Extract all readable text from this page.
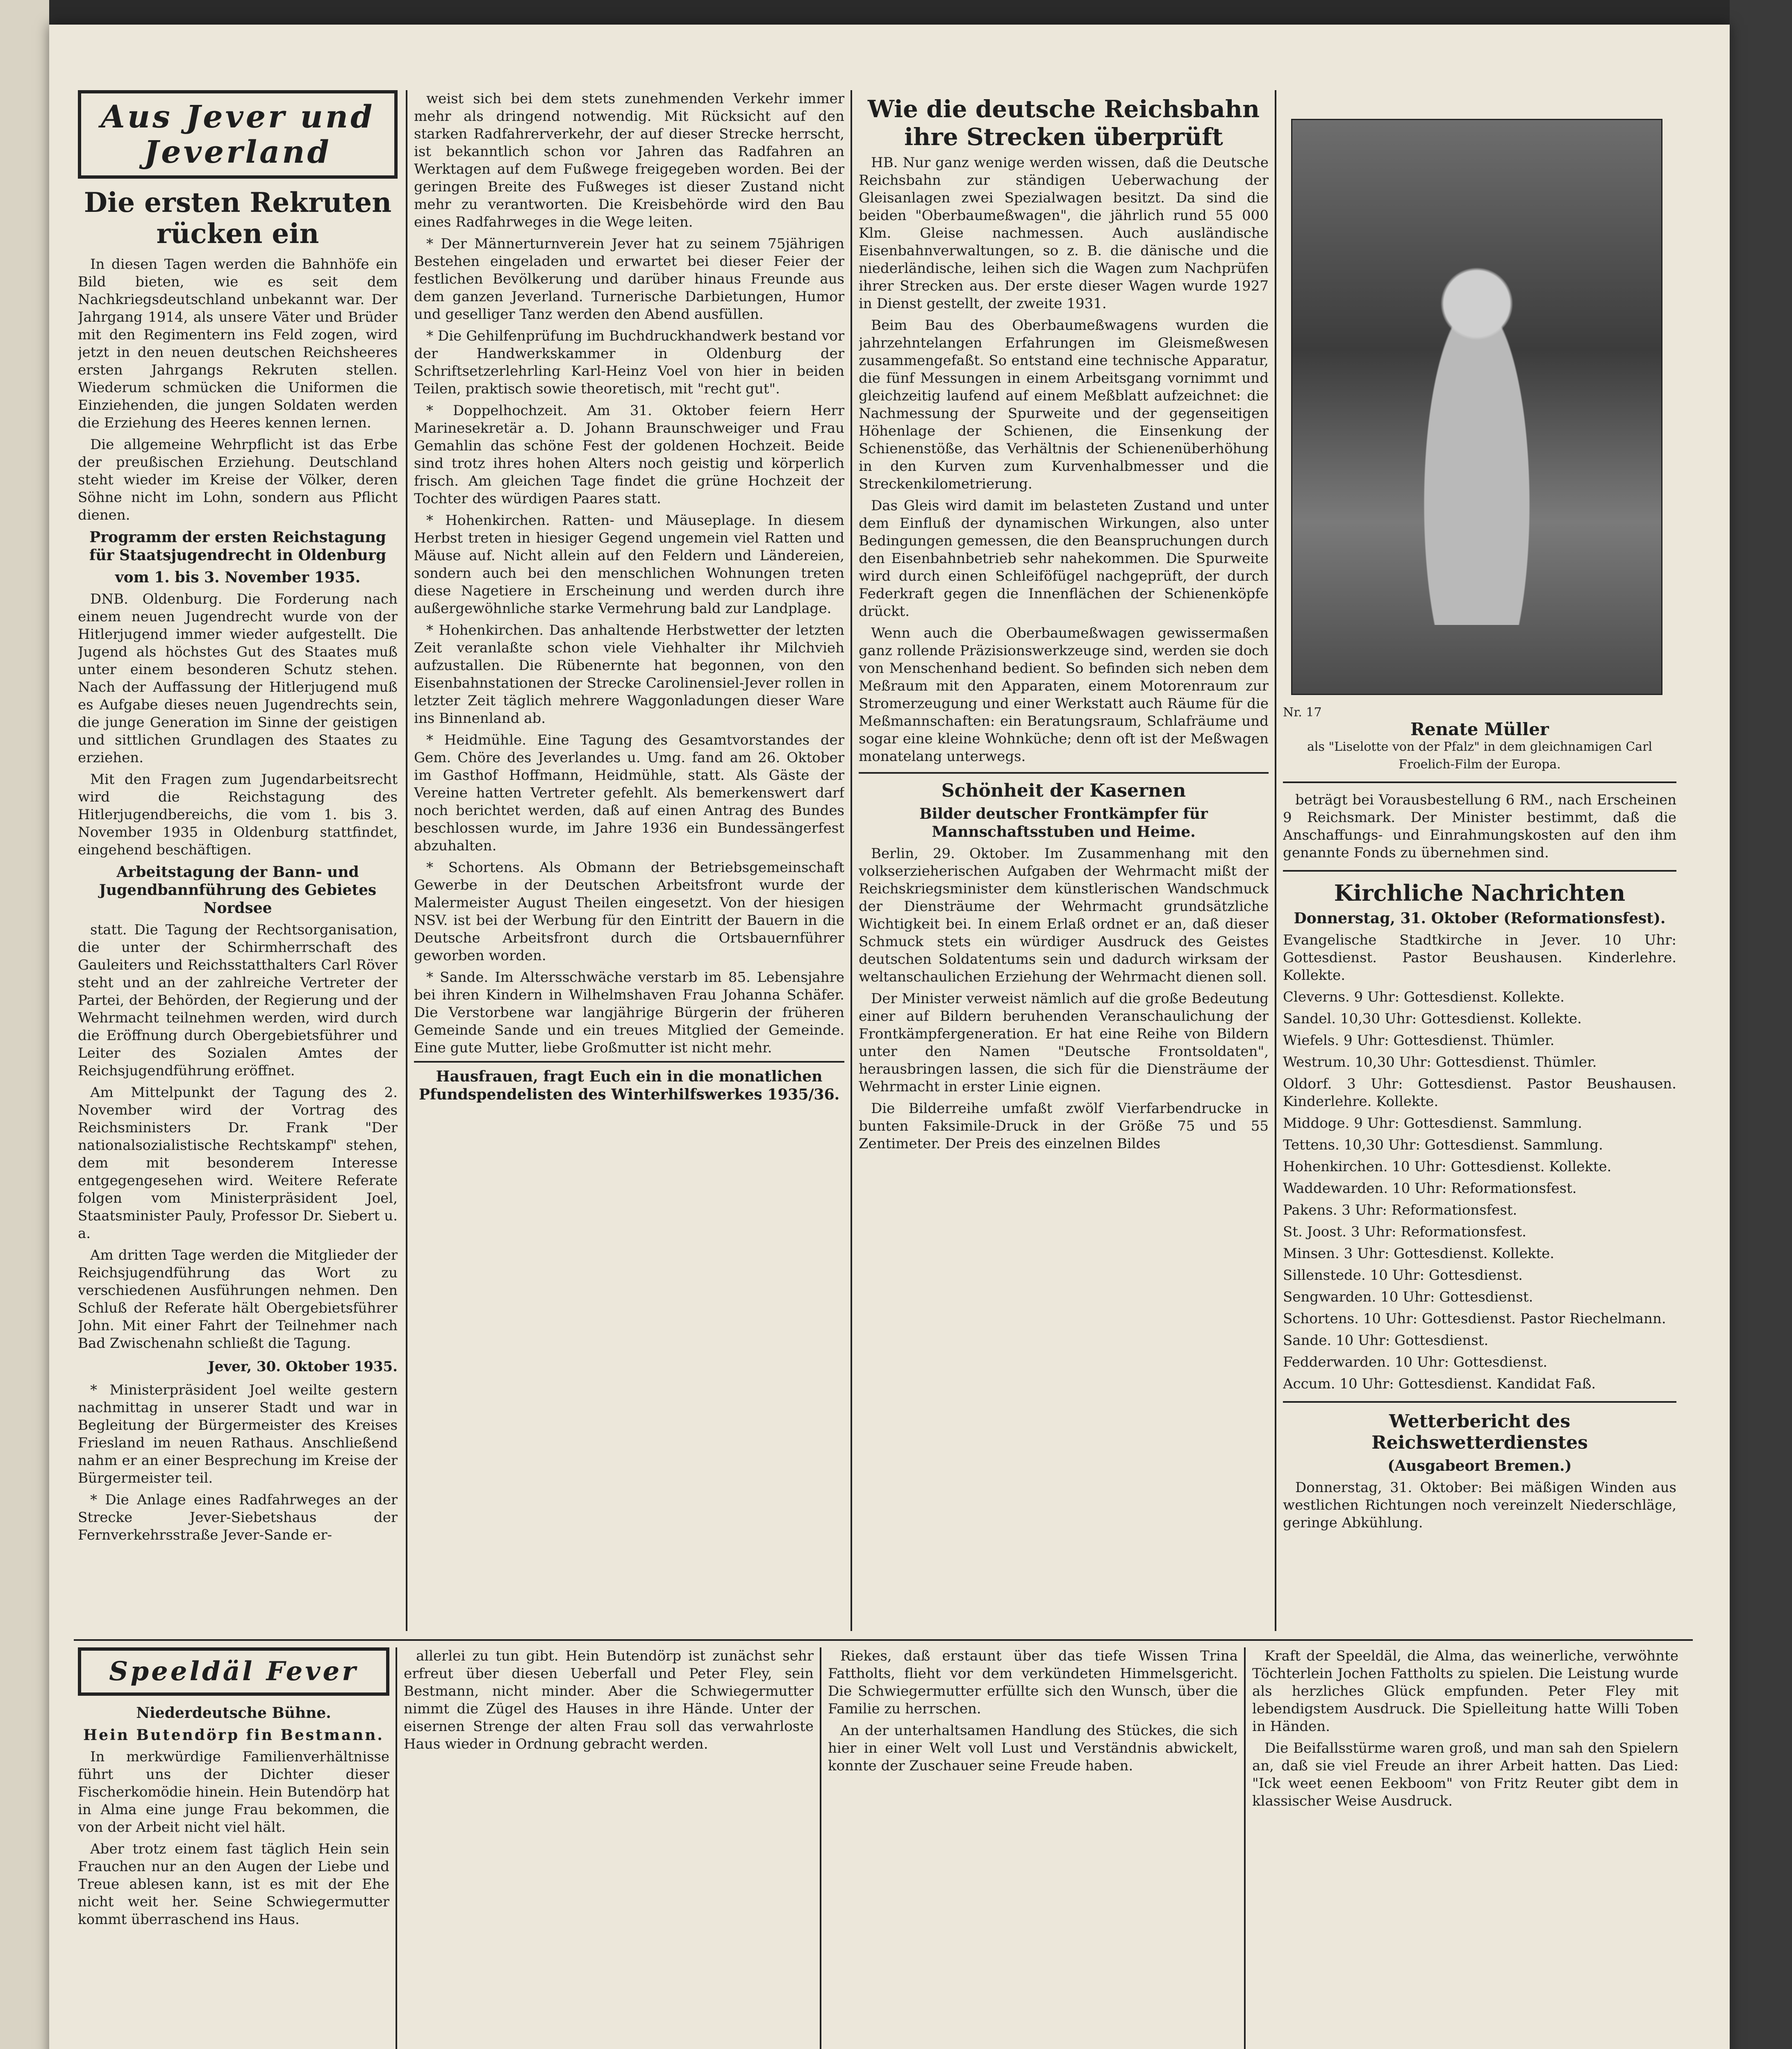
Aus Jever und Jeverland
Die ersten Rekruten rücken ein

In diesen Tagen werden die Bahnhöfe ein Bild bieten, wie es seit dem Nachkriegsdeutschland unbekannt war. Der Jahrgang 1914, als unsere Väter und Brüder mit den Regimentern ins Feld zogen, wird jetzt in den neuen deutschen Reichsheeres ersten Jahrgangs Rekruten stellen. Wiederum schmücken die Uniformen die Einziehenden, die jungen Soldaten werden die Erziehung des Heeres kennen lernen.

Die allgemeine Wehrpflicht ist das Erbe der preußischen Erziehung. Deutschland steht wieder im Kreise der Völker, deren Söhne nicht im Lohn, sondern aus Pflicht dienen.

Programm der ersten Reichstagung für Staatsjugendrecht in Oldenburg
vom 1. bis 3. November 1935.

DNB. Oldenburg. Die Forderung nach einem neuen Jugendrecht wurde von der Hitlerjugend immer wieder aufgestellt. Die Jugend als höchstes Gut des Staates muß unter einem besonderen Schutz stehen. Nach der Auffassung der Hitlerjugend muß es Aufgabe dieses neuen Jugendrechts sein, die junge Generation im Sinne der geistigen und sittlichen Grundlagen des Staates zu erziehen.

Mit den Fragen zum Jugendarbeitsrecht wird die Reichstagung des Hitlerjugendbereichs, die vom 1. bis 3. November 1935 in Oldenburg stattfindet, eingehend beschäftigen.

Arbeitstagung der Bann- und Jugendbannführung des Gebietes Nordsee

statt. Die Tagung der Rechtsorganisation, die unter der Schirmherrschaft des Gauleiters und Reichsstatthalters Carl Röver steht und an der zahlreiche Vertreter der Partei, der Behörden, der Regierung und der Wehrmacht teilnehmen werden, wird durch die Eröffnung durch Obergebietsführer und Leiter des Sozialen Amtes der Reichsjugendführung eröffnet.

Am Mittelpunkt der Tagung des 2. November wird der Vortrag des Reichsministers Dr. Frank "Der nationalsozialistische Rechtskampf" stehen, dem mit besonderem Interesse entgegengesehen wird. Weitere Referate folgen vom Ministerpräsident Joel, Staatsminister Pauly, Professor Dr. Siebert u. a.

Am dritten Tage werden die Mitglieder der Reichsjugendführung das Wort zu verschiedenen Ausführungen nehmen. Den Schluß der Referate hält Obergebietsführer John. Mit einer Fahrt der Teilnehmer nach Bad Zwischenahn schließt die Tagung.

Jever, 30. Oktober 1935.

* Ministerpräsident Joel weilte gestern nachmittag in unserer Stadt und war in Begleitung der Bürgermeister des Kreises Friesland im neuen Rathaus. Anschließend nahm er an einer Besprechung im Kreise der Bürgermeister teil.

* Die Anlage eines Radfahrweges an der Strecke Jever-Siebetshaus der Fernverkehrsstraße Jever-Sande er-

weist sich bei dem stets zunehmenden Verkehr immer mehr als dringend notwendig. Mit Rücksicht auf den starken Radfahrerverkehr, der auf dieser Strecke herrscht, ist bekanntlich schon vor Jahren das Radfahren an Werktagen auf dem Fußwege freigegeben worden. Bei der geringen Breite des Fußweges ist dieser Zustand nicht mehr zu verantworten. Die Kreisbehörde wird den Bau eines Radfahrweges in die Wege leiten.

* Der Männerturnverein Jever hat zu seinem 75jährigen Bestehen eingeladen und erwartet bei dieser Feier der festlichen Bevölkerung und darüber hinaus Freunde aus dem ganzen Jeverland. Turnerische Darbietungen, Humor und geselliger Tanz werden den Abend ausfüllen.

* Die Gehilfenprüfung im Buchdruckhandwerk bestand vor der Handwerkskammer in Oldenburg der Schriftsetzerlehrling Karl-Heinz Voel von hier in beiden Teilen, praktisch sowie theoretisch, mit "recht gut".

* Doppelhochzeit. Am 31. Oktober feiern Herr Marinesekretär a. D. Johann Braunschweiger und Frau Gemahlin das schöne Fest der goldenen Hochzeit. Beide sind trotz ihres hohen Alters noch geistig und körperlich frisch. Am gleichen Tage findet die grüne Hochzeit der Tochter des würdigen Paares statt.

* Hohenkirchen. Ratten- und Mäuseplage. In diesem Herbst treten in hiesiger Gegend ungemein viel Ratten und Mäuse auf. Nicht allein auf den Feldern und Ländereien, sondern auch bei den menschlichen Wohnungen treten diese Nagetiere in Erscheinung und werden durch ihre außergewöhnliche starke Vermehrung bald zur Landplage.

* Hohenkirchen. Das anhaltende Herbstwetter der letzten Zeit veranlaßte schon viele Viehhalter ihr Milchvieh aufzustallen. Die Rübenernte hat begonnen, von den Eisenbahnstationen der Strecke Carolinensiel-Jever rollen in letzter Zeit täglich mehrere Waggonladungen dieser Ware ins Binnenland ab.

* Heidmühle. Eine Tagung des Gesamtvorstandes der Gem. Chöre des Jeverlandes u. Umg. fand am 26. Oktober im Gasthof Hoffmann, Heidmühle, statt. Als Gäste der Vereine hatten Vertreter gefehlt. Als bemerkenswert darf noch berichtet werden, daß auf einen Antrag des Bundes beschlossen wurde, im Jahre 1936 ein Bundessängerfest abzuhalten.

* Schortens. Als Obmann der Betriebsgemeinschaft Gewerbe in der Deutschen Arbeitsfront wurde der Malermeister August Theilen eingesetzt. Von der hiesigen NSV. ist bei der Werbung für den Eintritt der Bauern in die Deutsche Arbeitsfront durch die Ortsbauernführer geworben worden.

* Sande. Im Altersschwäche verstarb im 85. Lebensjahre bei ihren Kindern in Wilhelmshaven Frau Johanna Schäfer. Die Verstorbene war langjährige Bürgerin der früheren Gemeinde Sande und ein treues Mitglied der Gemeinde. Eine gute Mutter, liebe Großmutter ist nicht mehr.

Hausfrauen, fragt Euch ein in die monatlichen Pfundspendelisten des Winterhilfswerkes 1935/36.
Wie die deutsche Reichsbahn ihre Strecken überprüft

HB. Nur ganz wenige werden wissen, daß die Deutsche Reichsbahn zur ständigen Ueberwachung der Gleisanlagen zwei Spezialwagen besitzt. Da sind die beiden "Oberbaumeßwagen", die jährlich rund 55 000 Klm. Gleise nachmessen. Auch ausländische Eisenbahnverwaltungen, so z. B. die dänische und die niederländische, leihen sich die Wagen zum Nachprüfen ihrer Strecken aus. Der erste dieser Wagen wurde 1927 in Dienst gestellt, der zweite 1931.

Beim Bau des Oberbaumeßwagens wurden die jahrzehntelangen Erfahrungen im Gleismeßwesen zusammengefaßt. So entstand eine technische Apparatur, die fünf Messungen in einem Arbeitsgang vornimmt und gleichzeitig laufend auf einem Meßblatt aufzeichnet: die Nachmessung der Spurweite und der gegenseitigen Höhenlage der Schienen, die Einsenkung der Schienenstöße, das Verhältnis der Schienenüberhöhung in den Kurven zum Kurvenhalbmesser und die Streckenkilometrierung.

Das Gleis wird damit im belasteten Zustand und unter dem Einfluß der dynamischen Wirkungen, also unter Bedingungen gemessen, die den Beanspruchungen durch den Eisenbahnbetrieb sehr nahekommen. Die Spurweite wird durch einen Schleiföfügel nachgeprüft, der durch Federkraft gegen die Innenflächen der Schienenköpfe drückt.

Wenn auch die Oberbaumeßwagen gewissermaßen ganz rollende Präzisionswerkzeuge sind, werden sie doch von Menschenhand bedient. So befinden sich neben dem Meßraum mit den Apparaten, einem Motorenraum zur Stromerzeugung und einer Werkstatt auch Räume für die Meßmannschaften: ein Beratungsraum, Schlafräume und sogar eine kleine Wohnküche; denn oft ist der Meßwagen monatelang unterwegs.

Schönheit der Kasernen
Bilder deutscher Frontkämpfer für Mannschaftsstuben und Heime.

Berlin, 29. Oktober. Im Zusammenhang mit den volkserzieherischen Aufgaben der Wehrmacht mißt der Reichskriegsminister dem künstlerischen Wandschmuck der Diensträume der Wehrmacht grundsätzliche Wichtigkeit bei. In einem Erlaß ordnet er an, daß dieser Schmuck stets ein würdiger Ausdruck des Geistes deutschen Soldatentums sein und dadurch wirksam der weltanschaulichen Erziehung der Wehrmacht dienen soll.

Der Minister verweist nämlich auf die große Bedeutung einer auf Bildern beruhenden Veranschaulichung der Frontkämpfergeneration. Er hat eine Reihe von Bildern unter den Namen "Deutsche Frontsoldaten", herausbringen lassen, die sich für die Diensträume der Wehrmacht in erster Linie eignen.

Die Bilderreihe umfaßt zwölf Vierfarbendrucke in bunten Faksimile-Druck in der Größe 75 und 55 Zentimeter. Der Preis des einzelnen Bildes

Nr. 17
Renate Müller
als "Liselotte von der Pfalz" in dem gleichnamigen Carl Froelich-Film der Europa.

beträgt bei Vorausbestellung 6 RM., nach Erscheinen 9 Reichsmark. Der Minister bestimmt, daß die Anschaffungs- und Einrahmungskosten auf den ihm genannte Fonds zu übernehmen sind.

Kirchliche Nachrichten
Donnerstag, 31. Oktober (Reformationsfest).

Evangelische Stadtkirche in Jever. 10 Uhr: Gottesdienst. Pastor Beushausen. Kinderlehre. Kollekte.

Cleverns. 9 Uhr: Gottesdienst. Kollekte.

Sandel. 10,30 Uhr: Gottesdienst. Kollekte.

Wiefels. 9 Uhr: Gottesdienst. Thümler.

Westrum. 10,30 Uhr: Gottesdienst. Thümler.

Oldorf. 3 Uhr: Gottesdienst. Pastor Beushausen. Kinderlehre. Kollekte.

Middoge. 9 Uhr: Gottesdienst. Sammlung.

Tettens. 10,30 Uhr: Gottesdienst. Sammlung.

Hohenkirchen. 10 Uhr: Gottesdienst. Kollekte.

Waddewarden. 10 Uhr: Reformationsfest.

Pakens. 3 Uhr: Reformationsfest.

St. Joost. 3 Uhr: Reformationsfest.

Minsen. 3 Uhr: Gottesdienst. Kollekte.

Sillenstede. 10 Uhr: Gottesdienst.

Sengwarden. 10 Uhr: Gottesdienst.

Schortens. 10 Uhr: Gottesdienst. Pastor Riechelmann.

Sande. 10 Uhr: Gottesdienst.

Fedderwarden. 10 Uhr: Gottesdienst.

Accum. 10 Uhr: Gottesdienst. Kandidat Faß.

Wetterbericht des Reichswetterdienstes
(Ausgabeort Bremen.)

Donnerstag, 31. Oktober: Bei mäßigen Winden aus westlichen Richtungen noch vereinzelt Niederschläge, geringe Abkühlung.

Speeldäl Fever
Niederdeutsche Bühne.
Hein Butendörp fin Bestmann.

In merkwürdige Familienverhältnisse führt uns der Dichter dieser Fischerkomödie hinein. Hein Butendörp hat in Alma eine junge Frau bekommen, die von der Arbeit nicht viel hält.

Aber trotz einem fast täglich Hein sein Frauchen nur an den Augen der Liebe und Treue ablesen kann, ist es mit der Ehe nicht weit her. Seine Schwiegermutter kommt überraschend ins Haus.

allerlei zu tun gibt. Hein Butendörp ist zunächst sehr erfreut über diesen Ueberfall und Peter Fley, sein Bestmann, nicht minder. Aber die Schwiegermutter nimmt die Zügel des Hauses in ihre Hände. Unter der eisernen Strenge der alten Frau soll das verwahrloste Haus wieder in Ordnung gebracht werden.

Riekes, daß erstaunt über das tiefe Wissen Trina Fattholts, flieht vor dem verkündeten Himmelsgericht. Die Schwiegermutter erfüllte sich den Wunsch, über die Familie zu herrschen.

An der unterhaltsamen Handlung des Stückes, die sich hier in einer Welt voll Lust und Verständnis abwickelt, konnte der Zuschauer seine Freude haben.

Kraft der Speeldäl, die Alma, das weinerliche, verwöhnte Töchterlein Jochen Fattholts zu spielen. Die Leistung wurde als herzliches Glück empfunden. Peter Fley mit lebendigstem Ausdruck. Die Spielleitung hatte Willi Toben in Händen.

Die Beifallsstürme waren groß, und man sah den Spielern an, daß sie viel Freude an ihrer Arbeit hatten. Das Lied: "Ick weet eenen Eekboom" von Fritz Reuter gibt dem in klassischer Weise Ausdruck.
